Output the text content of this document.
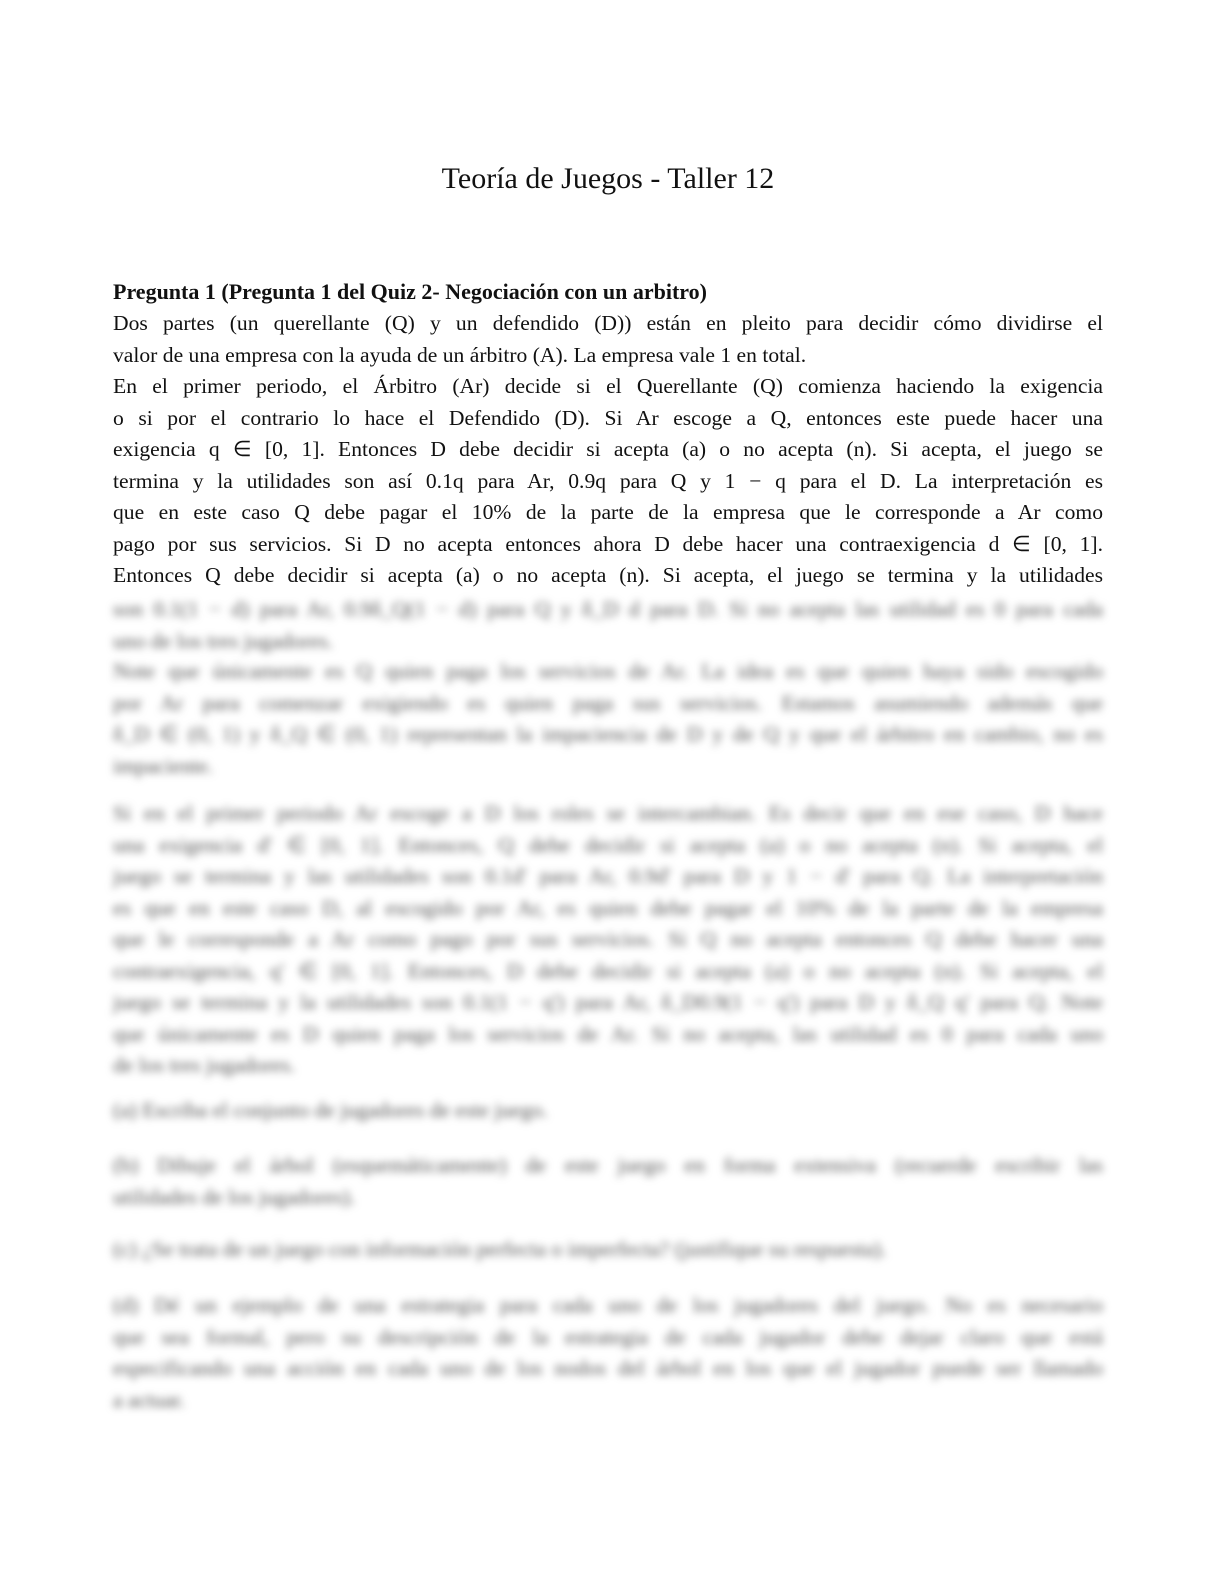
Teoría de Juegos - Taller 12
Pregunta 1 (Pregunta 1 del Quiz 2- Negociación con un arbitro)
Dos partes (un querellante (Q) y un defendido (D)) están en pleito para decidir cómo dividirse el
valor de una empresa con la ayuda de un árbitro (A). La empresa vale 1 en total.
En el primer periodo, el Árbitro (Ar) decide si el Querellante (Q) comienza haciendo la exigencia
o si por el contrario lo hace el Defendido (D). Si Ar escoge a Q, entonces este puede hacer una
exigencia q ∈ [0, 1]. Entonces D debe decidir si acepta (a) o no acepta (n). Si acepta, el juego se
termina y la utilidades son así 0.1q para Ar, 0.9q para Q y 1 − q para el D. La interpretación es
que en este caso Q debe pagar el 10% de la parte de la empresa que le corresponde a Ar como
pago por sus servicios. Si D no acepta entonces ahora D debe hacer una contraexigencia d ∈ [0, 1].
Entonces Q debe decidir si acepta (a) o no acepta (n). Si acepta, el juego se termina y la utilidades
son 0.1(1 − d) para Ar, 0.9δ_Q(1 − d) para Q y δ_D d para D. Si no acepta las utilidad es 0 para cada
uno de los tres jugadores.
Note que únicamente es Q quien paga los servicios de Ar. La idea es que quien haya sido escogido
por Ar para comenzar exigiendo es quien paga sus servicios. Estamos asumiendo además que
δ_D ∈ (0, 1) y δ_Q ∈ (0, 1) representan la impaciencia de D y de Q y que el árbitro en cambio, no es
impaciente.
Si en el primer periodo Ar escoge a D los roles se intercambian. Es decir que en ese caso, D hace
una exigencia d' ∈ [0, 1]. Entonces, Q debe decidir si acepta (a) o no acepta (n). Si acepta, el
juego se termina y las utilidades son 0.1d' para Ar, 0.9d' para D y 1 − d' para Q. La interpretación
es que en este caso D, al escogido por Ar, es quien debe pagar el 10% de la parte de la empresa
que le corresponde a Ar como pago por sus servicios. Si Q no acepta entonces Q debe hacer una
contraexigencia, q' ∈ [0, 1]. Entonces, D debe decidir si acepta (a) o no acepta (n). Si acepta, el
juego se termina y la utilidades son 0.1(1 − q') para Ar, δ_D0.9(1 − q') para D y δ_Q q' para Q. Note
que únicamente es D quien paga los servicios de Ar. Si no acepta, las utilidad es 0 para cada uno
de los tres jugadores.
(a) Escriba el conjunto de jugadores de este juego.
(b) Dibuje el árbol (esquemáticamente) de este juego en forma extensiva (recuerde escribir las
utilidades de los jugadores).
(c) ¿Se trata de un juego con información perfecta o imperfecta? (justifique su respuesta).
(d) Dé un ejemplo de una estrategia para cada uno de los jugadores del juego. No es necesario
que sea formal, pero su descripción de la estrategia de cada jugador debe dejar claro que está
especificando una acción en cada uno de los nodos del árbol en los que el jugador puede ser llamado
a actuar.
